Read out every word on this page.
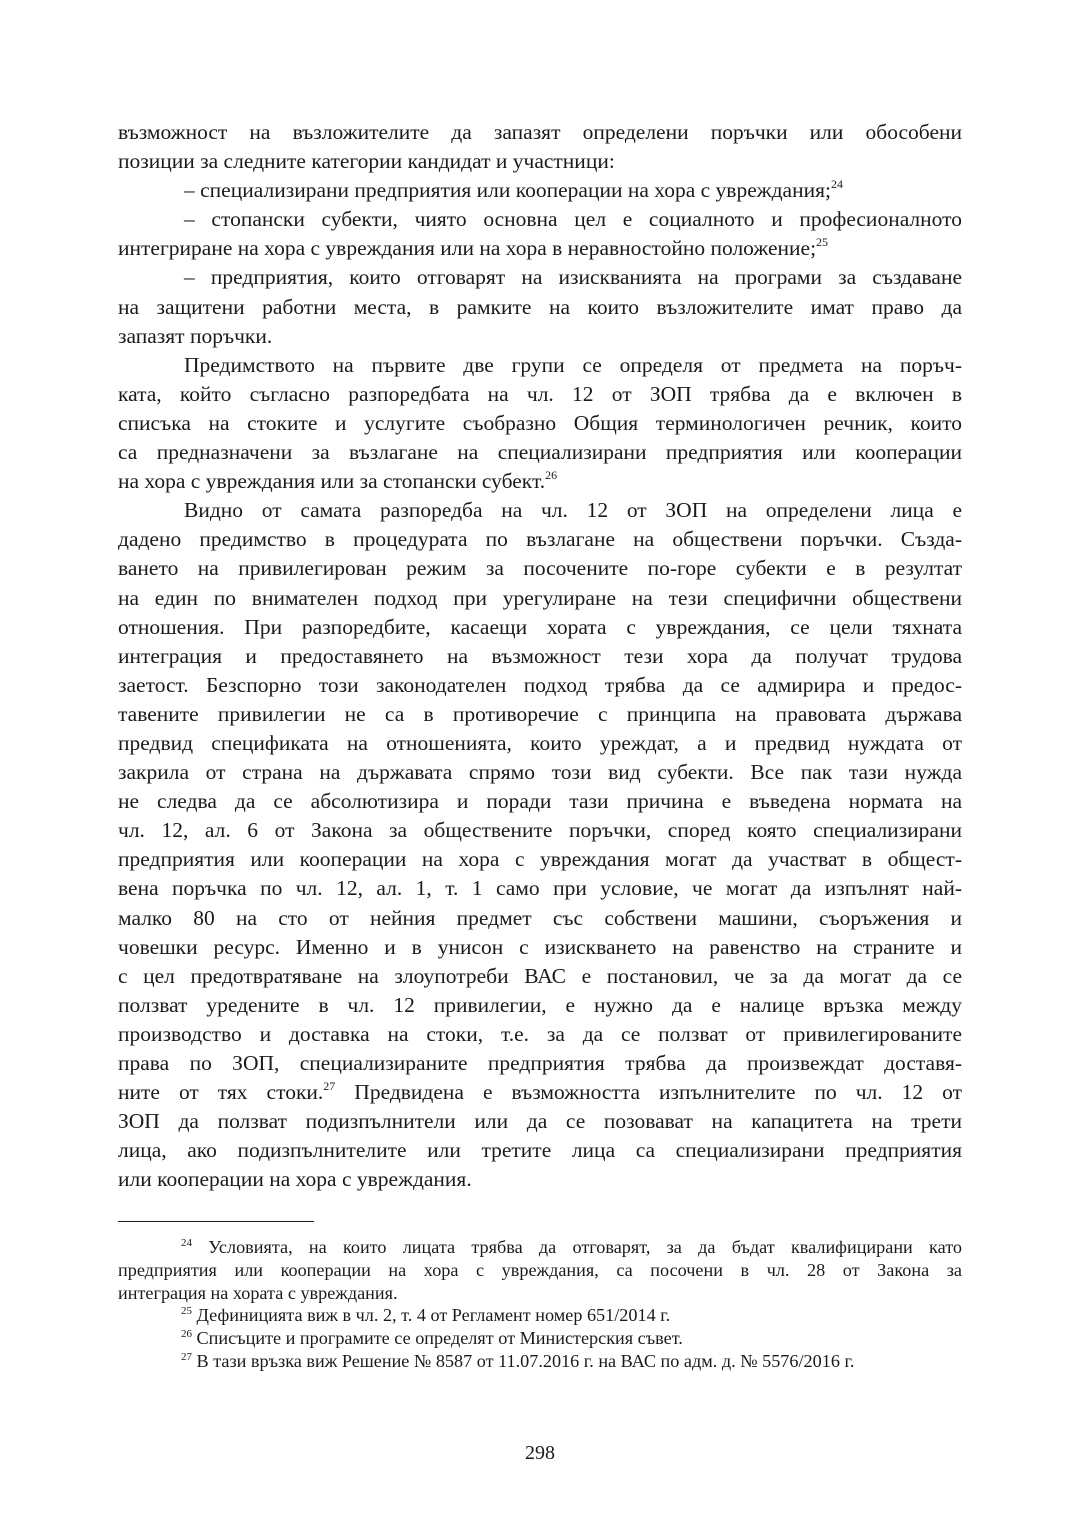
възможност на възложителите да запазят определени поръчки или обособени
позиции за следните категории кандидат и участници:
– специализирани предприятия или кооперации на хора с увреждания;$^{24}$
– стопански субекти, чиято основна цел е социалното и професионалното
интегриране на хора с увреждания или на хора в неравностойно положение;$^{25}$
– предприятия, които отговарят на изискванията на програми за създаване
на защитени работни места, в рамките на които възложителите имат право да
запазят поръчки.
Предимството на първите две групи се определя от предмета на поръч-
ката, който съгласно разпоредбата на чл. 12 от ЗОП трябва да е включен в
списъка на стоките и услугите съобразно Общия терминологичен речник, които
са предназначени за възлагане на специализирани предприятия или кооперации
на хора с увреждания или за стопански субект.$^{26}$
Видно от самата разпоредба на чл. 12 от ЗОП на определени лица е
дадено предимство в процедурата по възлагане на обществени поръчки. Създа-
ването на привилегирован режим за посочените по-горе субекти е в резултат
на един по внимателен подход при урегулиране на тези специфични обществени
отношения. При разпоредбите, касаещи хората с увреждания, се цели тяхната
интеграция и предоставянето на възможност тези хора да получат трудова
заетост. Безспорно този законодателен подход трябва да се адмирира и предос-
тавените привилегии не са в противоречие с принципа на правовата държава
предвид спецификата на отношенията, които уреждат, а и предвид нуждата от
закрила от страна на държавата спрямо този вид субекти. Все пак тази нужда
не следва да се абсолютизира и поради тази причина е въведена нормата на
чл. 12, ал. 6 от Закона за обществените поръчки, според която специализирани
предприятия или кооперации на хора с увреждания могат да участват в общест-
вена поръчка по чл. 12, ал. 1, т. 1 само при условие, че могат да изпълнят най-
малко 80 на сто от нейния предмет със собствени машини, съоръжения и
човешки ресурс. Именно и в унисон с изискването на равенство на страните и
с цел предотвратяване на злоупотреби ВАС е постановил, че за да могат да се
ползват уредените в чл. 12 привилегии, е нужно да е налице връзка между
производство и доставка на стоки, т.е. за да се ползват от привилегированите
права по ЗОП, специализираните предприятия трябва да произвеждат доставя-
ните от тях стоки.$^{27}$ Предвидена е възможността изпълнителите по чл. 12 от
ЗОП да ползват подизпълнители или да се позовават на капацитета на трети
лица, ако подизпълнителите или третите лица са специализирани предприятия
или кооперации на хора с увреждания.
$^{24}$ Условията, на които лицата трябва да отговарят, за да бъдат квалифицирани като
предприятия или кооперации на хора с увреждания, са посочени в чл. 28 от Закона за
интеграция на хората с увреждания.
$^{25}$ Дефиницията виж в чл. 2, т. 4 от Регламент номер 651/2014 г.
$^{26}$ Списъците и програмите се определят от Министерския съвет.
$^{27}$ В тази връзка виж Решение № 8587 от 11.07.2016 г. на ВАС по адм. д. № 5576/2016 г.
298
